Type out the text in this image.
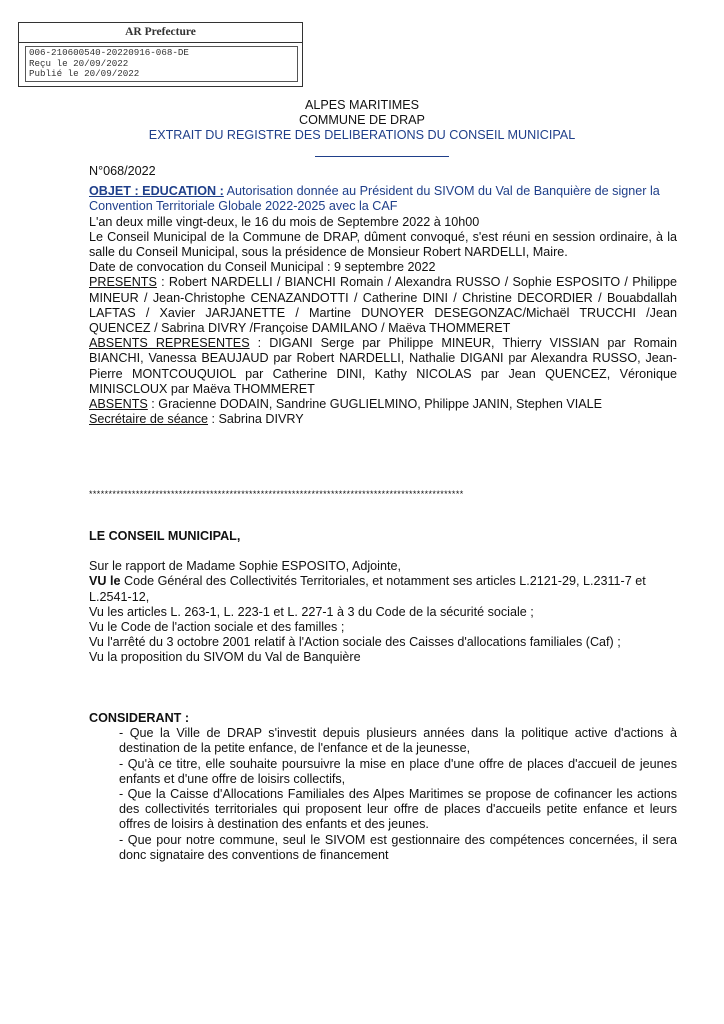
AR Prefecture
006-210600540-20220916-068-DE
Reçu le 20/09/2022
Publié le 20/09/2022
ALPES MARITIMES
COMMUNE DE DRAP
EXTRAIT DU REGISTRE DES DELIBERATIONS DU CONSEIL MUNICIPAL

N°068/2022

OBJET : EDUCATION : Autorisation donnée au Président du SIVOM du Val de Banquière de signer la Convention Territoriale Globale 2022-2025 avec la CAF

L'an deux mille vingt-deux, le 16 du mois de Septembre 2022 à 10h00

Le Conseil Municipal de la Commune de DRAP, dûment convoqué, s'est réuni en session ordinaire, à la salle du Conseil Municipal, sous la présidence de Monsieur Robert NARDELLI, Maire.

Date de convocation du Conseil Municipal : 9 septembre 2022

PRESENTS : Robert NARDELLI / BIANCHI Romain / Alexandra RUSSO / Sophie ESPOSITO / Philippe MINEUR / Jean-Christophe CENAZANDOTTI / Catherine DINI / Christine DECORDIER / Bouabdallah LAFTAS / Xavier JARJANETTE / Martine DUNOYER DESEGONZAC/Michaël TRUCCHI /Jean QUENCEZ / Sabrina DIVRY /Françoise DAMILANO / Maëva THOMMERET

ABSENTS REPRESENTES : DIGANI Serge par Philippe MINEUR, Thierry VISSIAN par Romain BIANCHI, Vanessa BEAUJAUD par Robert NARDELLI, Nathalie DIGANI par Alexandra RUSSO, Jean-Pierre MONTCOUQUIOL par Catherine DINI, Kathy NICOLAS par Jean QUENCEZ, Véronique MINISCLOUX par Maëva THOMMERET

ABSENTS : Gracienne DODAIN, Sandrine GUGLIELMINO, Philippe JANIN, Stephen VIALE

Secrétaire de séance : Sabrina DIVRY

************************************************************************************************

LE CONSEIL MUNICIPAL,

Sur le rapport de Madame Sophie ESPOSITO, Adjointe,

VU le Code Général des Collectivités Territoriales, et notamment ses articles L.2121-29, L.2311-7 et L.2541-12,

Vu les articles L. 263-1, L. 223-1 et L. 227-1 à 3 du Code de la sécurité sociale ;

Vu le Code de l'action sociale et des familles ;

Vu l'arrêté du 3 octobre 2001 relatif à l'Action sociale des Caisses d'allocations familiales (Caf) ;

Vu la proposition du SIVOM du Val de Banquière

CONSIDERANT :

- Que la Ville de DRAP s'investit depuis plusieurs années dans la politique active d'actions à destination de la petite enfance, de l'enfance et de la jeunesse,

- Qu'à ce titre, elle souhaite poursuivre la mise en place d'une offre de places d'accueil de jeunes enfants et d'une offre de loisirs collectifs,

- Que la Caisse d'Allocations Familiales des Alpes Maritimes se propose de cofinancer les actions des collectivités territoriales qui proposent leur offre de places d'accueils petite enfance et leurs offres de loisirs à destination des enfants et des jeunes.

- Que pour notre commune, seul le SIVOM est gestionnaire des compétences concernées, il sera donc signataire des conventions de financement
